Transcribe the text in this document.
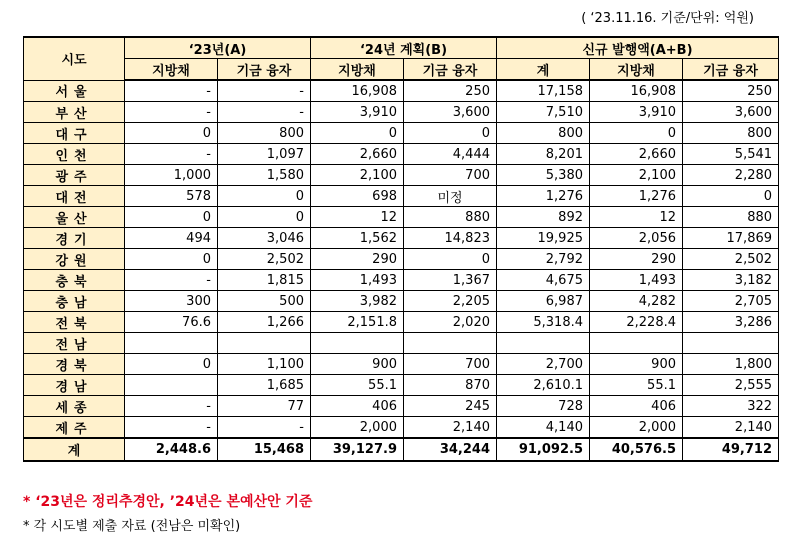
( ‘23.11.16. 기준/단위: 억원)
시도	‘23년(A)		‘24년 계획(B)		신규 발행액(A+B)		
	지방채	기금 융자	지방채	기금 융자	계	지방채	기금 융자
서울	-	-	16,908	250	17,158	16,908	250
부산	-	-	3,910	3,600	7,510	3,910	3,600
대구	0	800	0	0	800	0	800
인천	-	1,097	2,660	4,444	8,201	2,660	5,541
광주	1,000	1,580	2,100	700	5,380	2,100	2,280
대전	578	0	698	미정	1,276	1,276	0
울산	0	0	12	880	892	12	880
경기	494	3,046	1,562	14,823	19,925	2,056	17,869
강원	0	2,502	290	0	2,792	290	2,502
충북	-	1,815	1,493	1,367	4,675	1,493	3,182
충남	300	500	3,982	2,205	6,987	4,282	2,705
전북	76.6	1,266	2,151.8	2,020	5,318.4	2,228.4	3,286
전남							
경북	0	1,100	900	700	2,700	900	1,800
경남		1,685	55.1	870	2,610.1	55.1	2,555
세종	-	77	406	245	728	406	322
제주	-	-	2,000	2,140	4,140	2,000	2,140
계	2,448.6	15,468	39,127.9	34,244	91,092.5	40,576.5	49,712
* ‘23년은 정리추경안, ’24년은 본예산안 기준
* 각 시도별 제출 자료 (전남은 미확인)
